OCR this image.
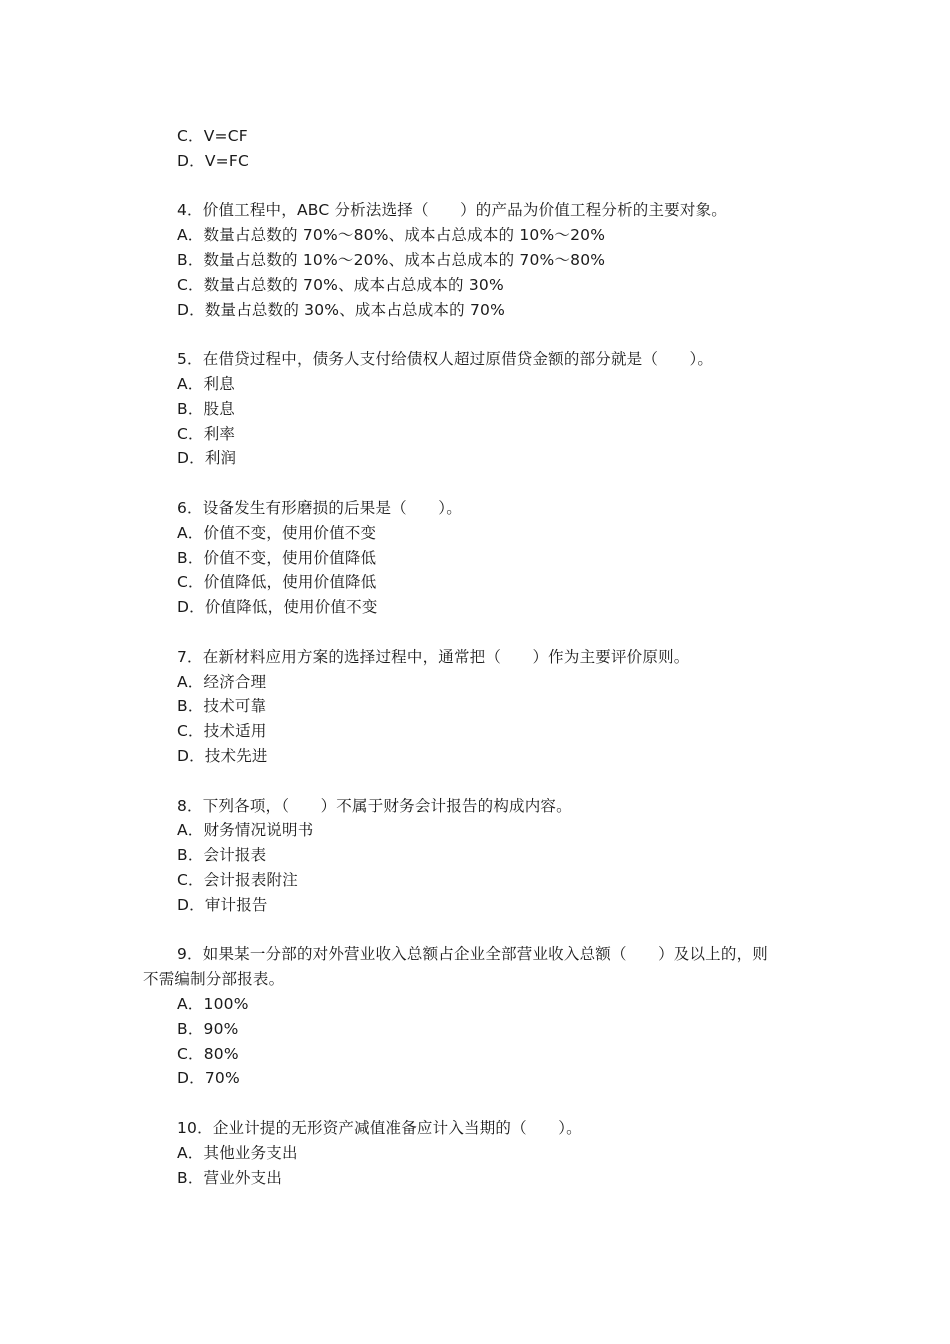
C．V=CF
D．V=FC
4．价值工程中，ABC 分析法选择（　　）的产品为价值工程分析的主要对象。
A．数量占总数的 70%～80%、成本占总成本的 10%～20%
B．数量占总数的 10%～20%、成本占总成本的 70%～80%
C．数量占总数的 70%、成本占总成本的 30%
D．数量占总数的 30%、成本占总成本的 70%
5．在借贷过程中，债务人支付给债权人超过原借贷金额的部分就是（　　）。
A．利息
B．股息
C．利率
D．利润
6．设备发生有形磨损的后果是（　　）。
A．价值不变，使用价值不变
B．价值不变，使用价值降低
C．价值降低，使用价值降低
D．价值降低，使用价值不变
7．在新材料应用方案的选择过程中，通常把（　　）作为主要评价原则。
A．经济合理
B．技术可靠
C．技术适用
D．技术先进
8．下列各项，（　　）不属于财务会计报告的构成内容。
A．财务情况说明书
B．会计报表
C．会计报表附注
D．审计报告
9．如果某一分部的对外营业收入总额占企业全部营业收入总额（　　）及以上的，则
不需编制分部报表。
A．100%
B．90%
C．80%
D．70%
10．企业计提的无形资产减值准备应计入当期的（　　）。
A．其他业务支出
B．营业外支出
